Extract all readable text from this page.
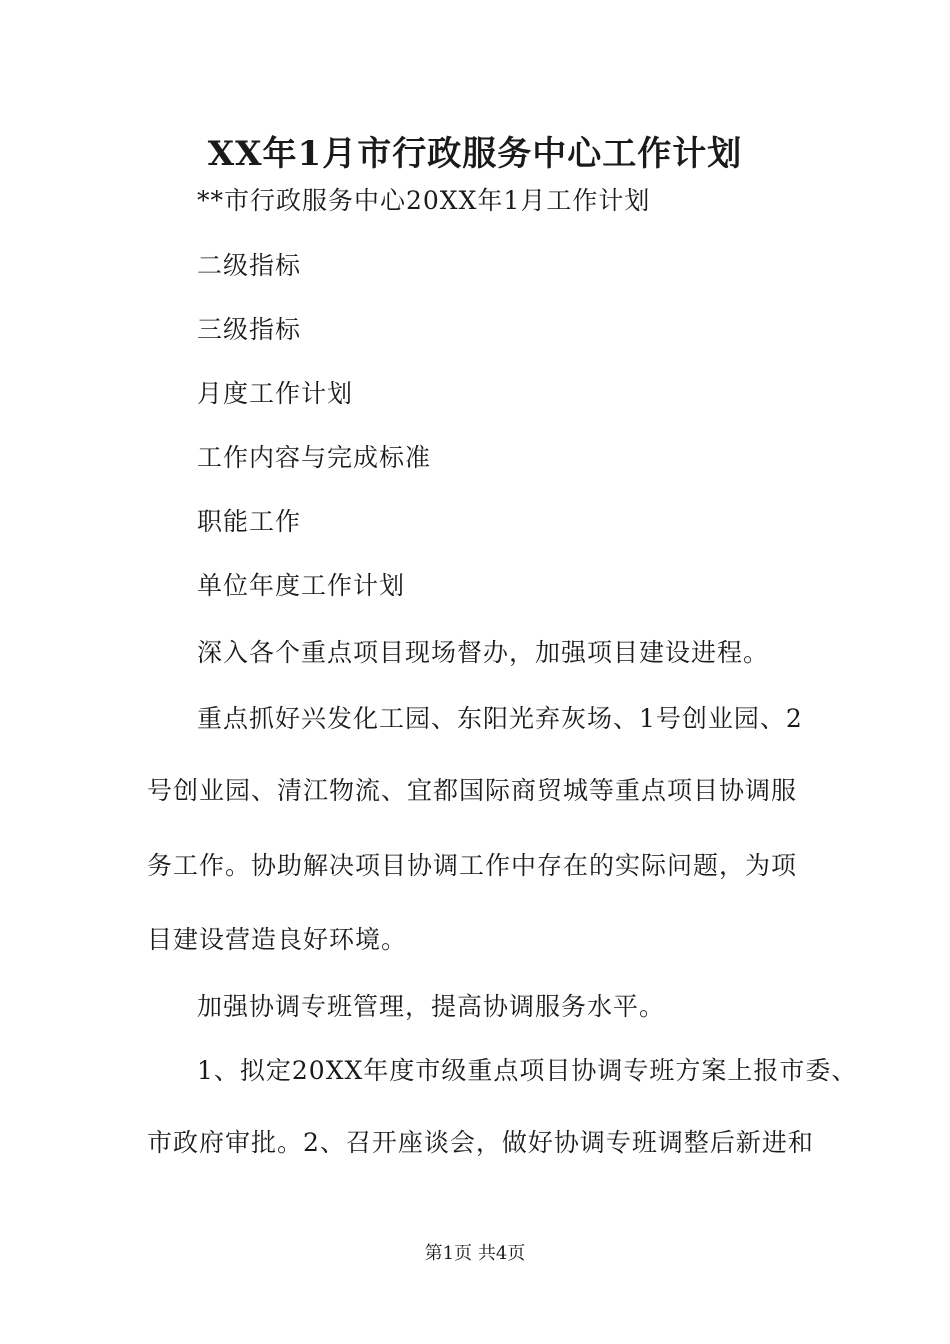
XX年1月市行政服务中心工作计划
**市行政服务中心20XX年1月工作计划
二级指标
三级指标
月度工作计划
工作内容与完成标准
职能工作
单位年度工作计划
深入各个重点项目现场督办，加强项目建设进程。
重点抓好兴发化工园、东阳光弃灰场、1号创业园、2
号创业园、清江物流、宜都国际商贸城等重点项目协调服
务工作。协助解决项目协调工作中存在的实际问题，为项
目建设营造良好环境。
加强协调专班管理，提高协调服务水平。
1、拟定20XX年度市级重点项目协调专班方案上报市委、
市政府审批。2、召开座谈会，做好协调专班调整后新进和
第1页 共4页
